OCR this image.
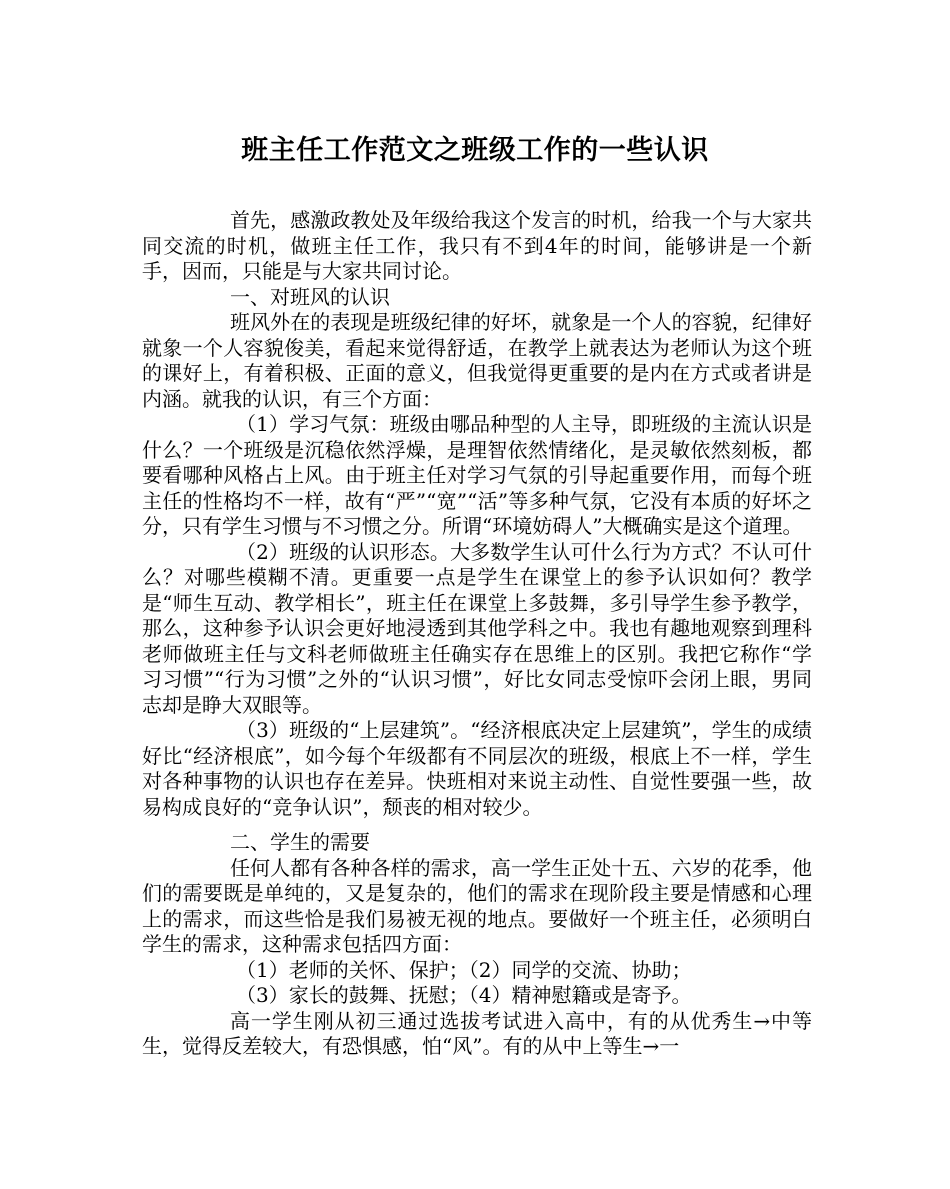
班主任工作范文之班级工作的一些认识

首先，感激政教处及年级给我这个发言的时机，给我一个与大家共同交流的时机，做班主任工作，我只有不到4年的时间，能够讲是一个新手，因而，只能是与大家共同讨论。

一、对班风的认识

班风外在的表现是班级纪律的好坏，就象是一个人的容貌，纪律好就象一个人容貌俊美，看起来觉得舒适，在教学上就表达为老师认为这个班的课好上，有着积极、正面的意义，但我觉得更重要的是内在方式或者讲是内涵。就我的认识，有三个方面：

（1）学习气氛：班级由哪品种型的人主导，即班级的主流认识是什么？一个班级是沉稳依然浮燥，是理智依然情绪化，是灵敏依然刻板，都要看哪种风格占上风。由于班主任对学习气氛的引导起重要作用，而每个班主任的性格均不一样，故有“严”“宽”“活”等多种气氛，它没有本质的好坏之分，只有学生习惯与不习惯之分。所谓“环境妨碍人”大概确实是这个道理。

（2）班级的认识形态。大多数学生认可什么行为方式？不认可什么？对哪些模糊不清。更重要一点是学生在课堂上的参予认识如何？教学是“师生互动、教学相长”，班主任在课堂上多鼓舞，多引导学生参予教学，那么，这种参予认识会更好地浸透到其他学科之中。我也有趣地观察到理科老师做班主任与文科老师做班主任确实存在思维上的区别。我把它称作“学习习惯”“行为习惯”之外的“认识习惯”，好比女同志受惊吓会闭上眼，男同志却是睁大双眼等。

（3）班级的“上层建筑”。“经济根底决定上层建筑”，学生的成绩好比“经济根底”，如今每个年级都有不同层次的班级，根底上不一样，学生对各种事物的认识也存在差异。快班相对来说主动性、自觉性要强一些，故易构成良好的“竞争认识”，颓丧的相对较少。

二、学生的需要

任何人都有各种各样的需求，高一学生正处十五、六岁的花季，他们的需要既是单纯的，又是复杂的，他们的需求在现阶段主要是情感和心理上的需求，而这些恰是我们易被无视的地点。要做好一个班主任，必须明白学生的需求，这种需求包括四方面：

（1）老师的关怀、保护；（2）同学的交流、协助；

（3）家长的鼓舞、抚慰；（4）精神慰籍或是寄予。

高一学生刚从初三通过选拔考试进入高中，有的从优秀生→中等生，觉得反差较大，有恐惧感，怕“风”。有的从中上等生→一
